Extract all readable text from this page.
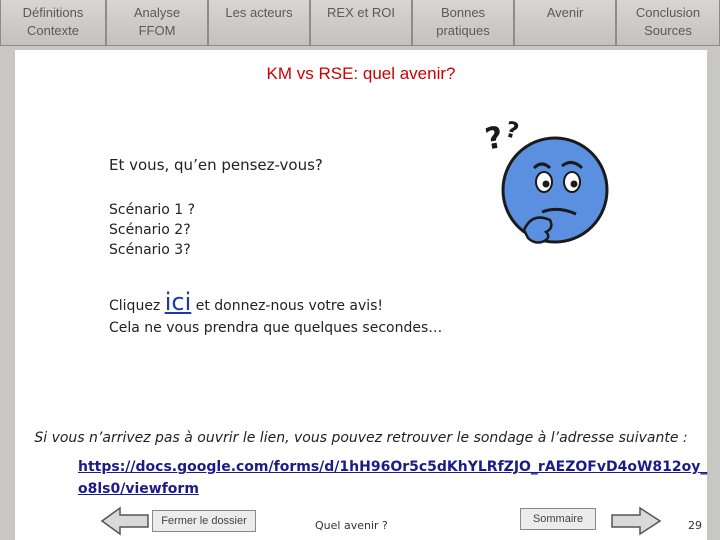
Définitions
Contexte
Analyse
FFOM
Les acteurs	REX et ROI	Bonnes
pratiques
Avenir	Conclusion
Sources
KM vs RSE: quel avenir?
Et vous, qu’en pensez-vous?
Scénario 1 ?
Scénario 2?
Scénario 3?
Cliquez ici et donnez-nous votre avis!
Cela ne vous prendra que quelques secondes…
?
?
Si vous n’arrivez pas à ouvrir le lien, vous pouvez retrouver le sondage à l’adresse suivante :
https://docs.google.com/forms/d/1hH96Or5c5dKhYLRfZJO_rAEZOFvD4oW812oy_
o8ls0/viewform
Fermer le dossier	Quel avenir ?	Sommaire	29
